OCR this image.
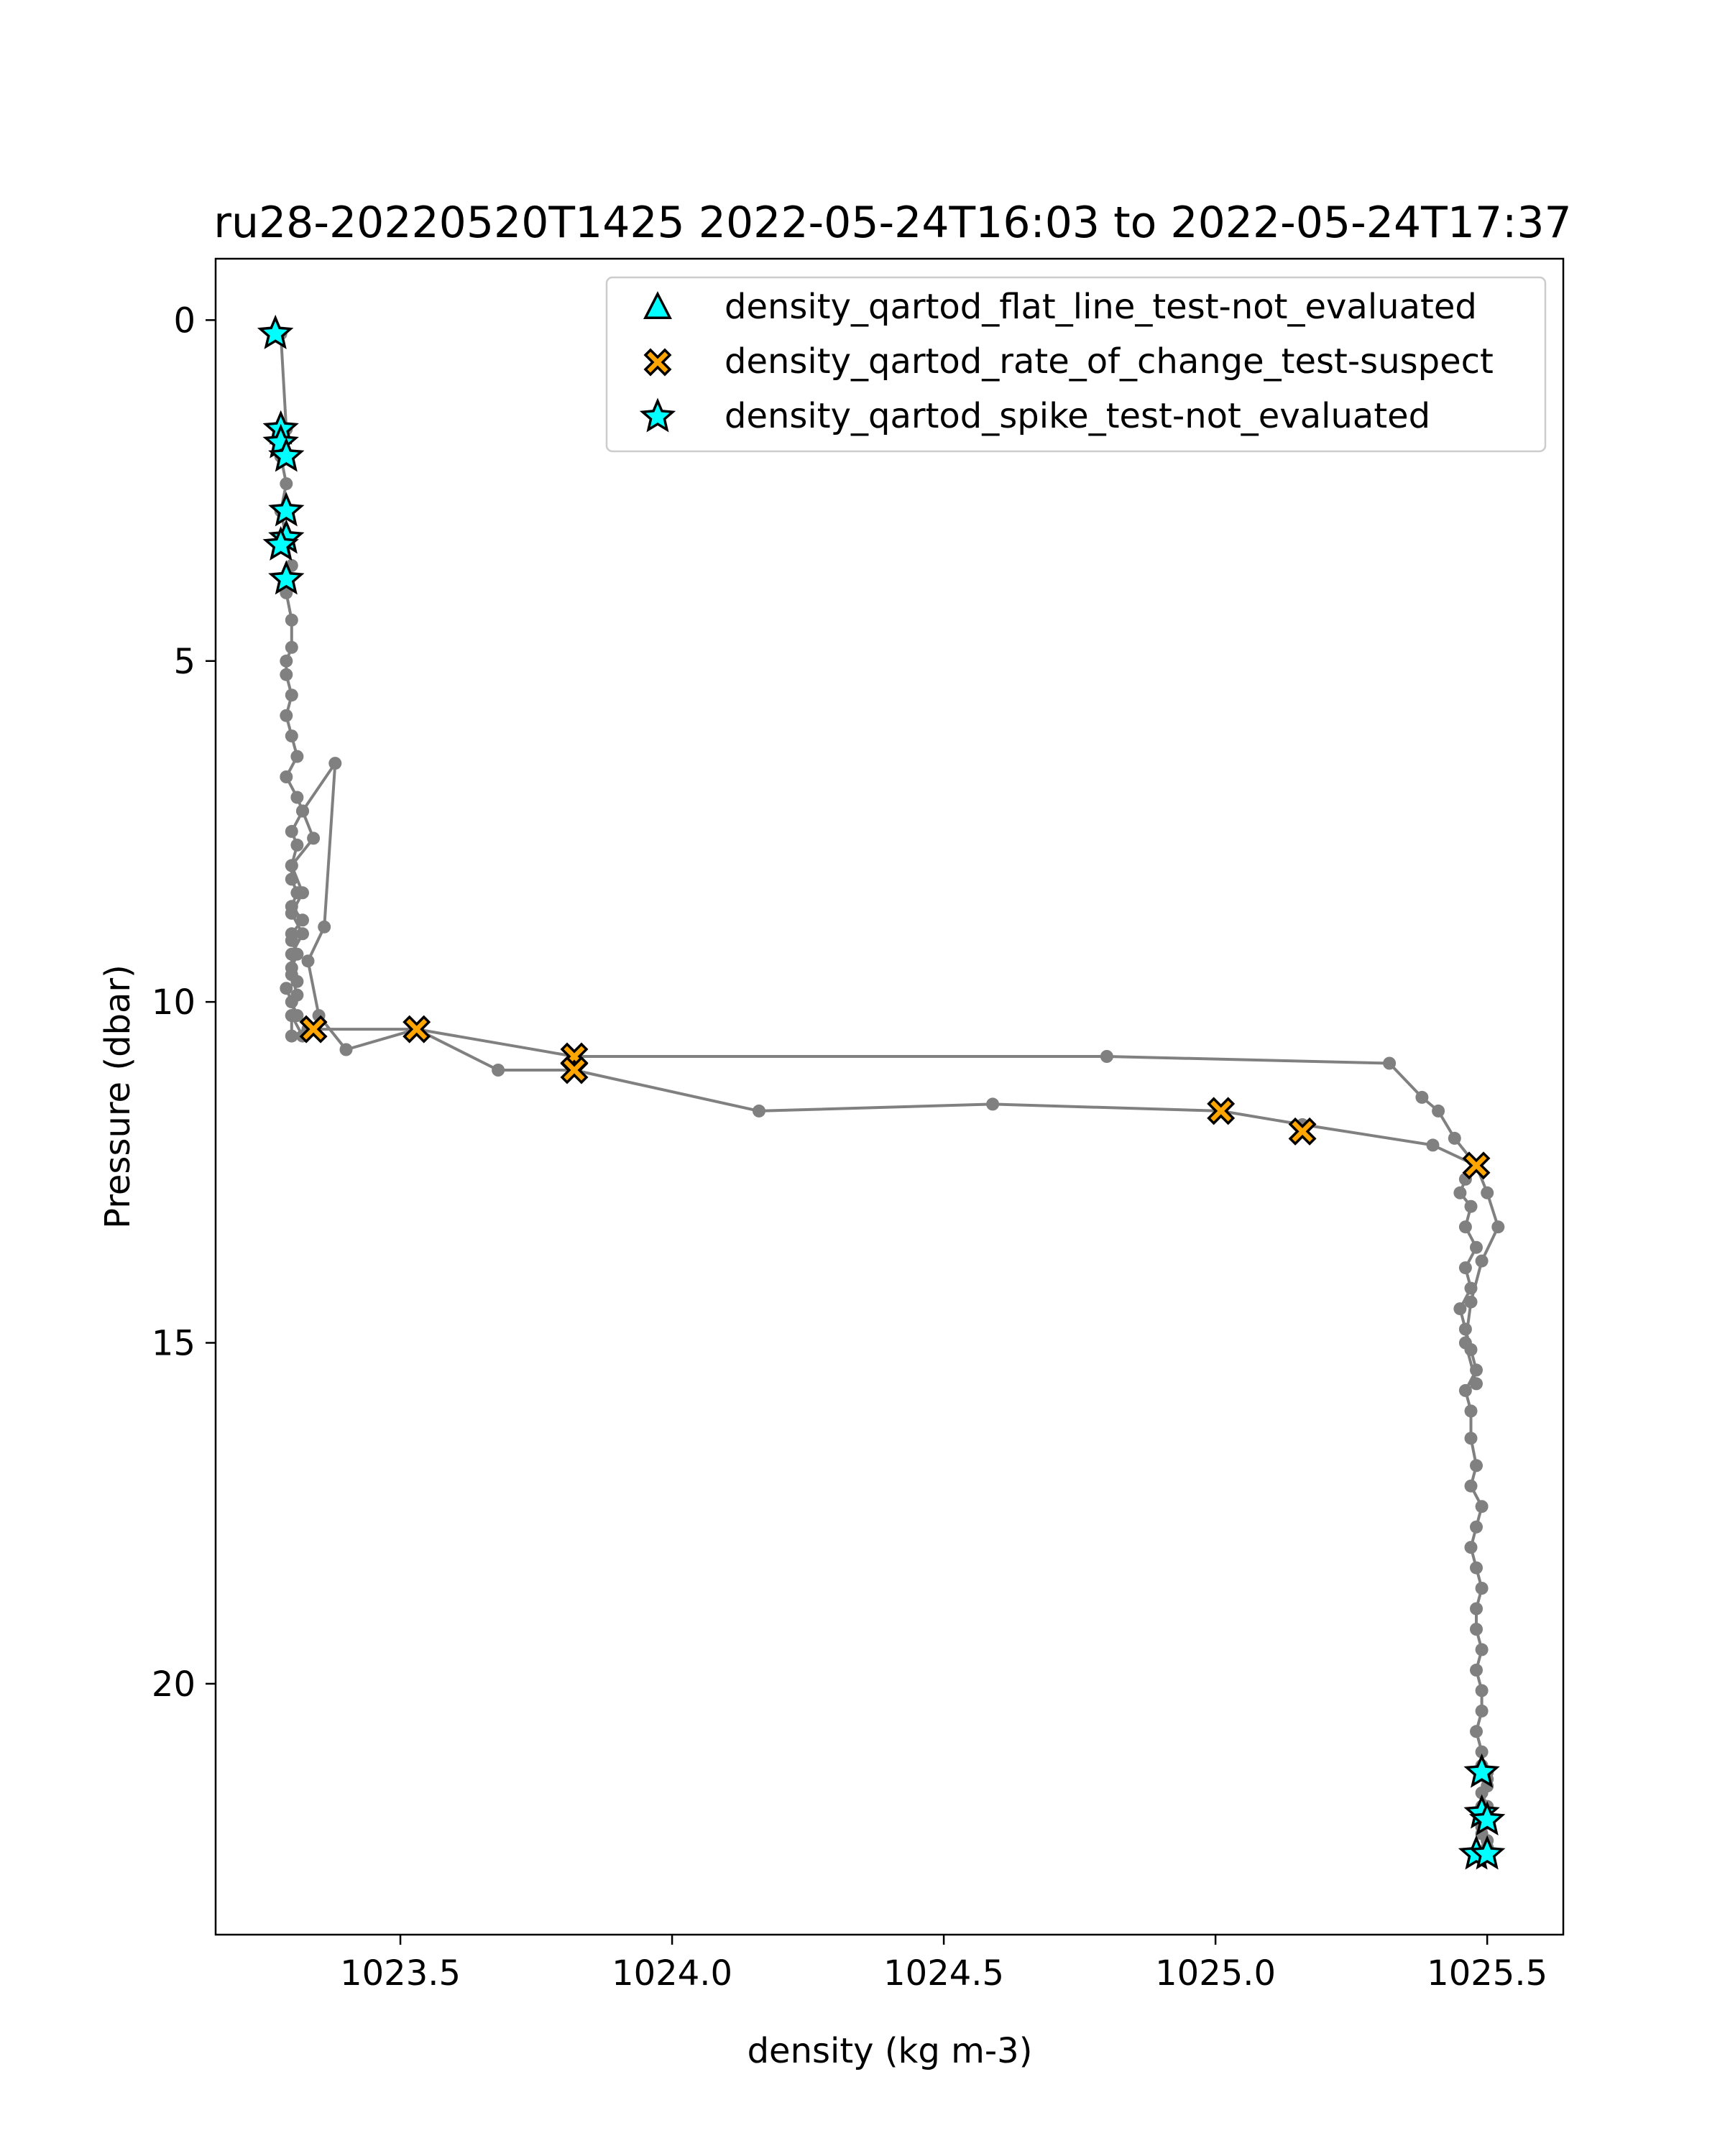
ru28-20220520T1425 2022-05-24T16:03 to 2022-05-24T17:37
1023.5	1024.0	1024.5	1025.0	1025.5
0
5
10
15
20
density (kg m-3)
Pressure (dbar)
density_qartod_flat_line_test-not_evaluated
density_qartod_rate_of_change_test-suspect
density_qartod_spike_test-not_evaluated
